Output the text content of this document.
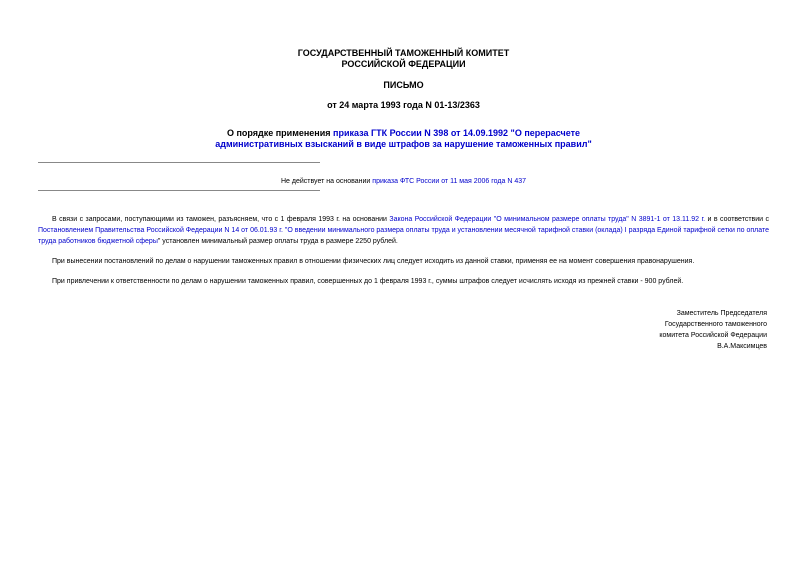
ГОСУДАРСТВЕННЫЙ ТАМОЖЕННЫЙ КОМИТЕТ
РОССИЙСКОЙ ФЕДЕРАЦИИ
ПИСЬМО
от 24 марта 1993 года N 01-13/2363
О порядке применения приказа ГТК России N 398 от 14.09.1992 "О перерасчете
административных взысканий в виде штрафов за нарушение таможенных правил"
Не действует на основании приказа ФТС России от 11 мая 2006 года N 437
В связи с запросами, поступающими из таможен, разъясняем, что с 1 февраля 1993 г. на основании Закона Российской Федерации "О минимальном размере оплаты труда" N 3891-1 от 13.11.92 г. и в соответствии с Постановлением Правительства Российской Федерации N 14 от 06.01.93 г. "О введении минимального размера оплаты труда и установлении месячной тарифной ставки (оклада) I разряда Единой тарифной сетки по оплате труда работников бюджетной сферы" установлен минимальный размер оплаты труда в размере 2250 рублей.
При вынесении постановлений по делам о нарушении таможенных правил в отношении физических лиц следует исходить из данной ставки, применяя ее на момент совершения правонарушения.
При привлечении к ответственности по делам о нарушении таможенных правил, совершенных до 1 февраля 1993 г., суммы штрафов следует исчислять исходя из прежней ставки - 900 рублей.
Заместитель Председателя
Государственного таможенного
комитета Российской Федерации
В.А.Максимцев
